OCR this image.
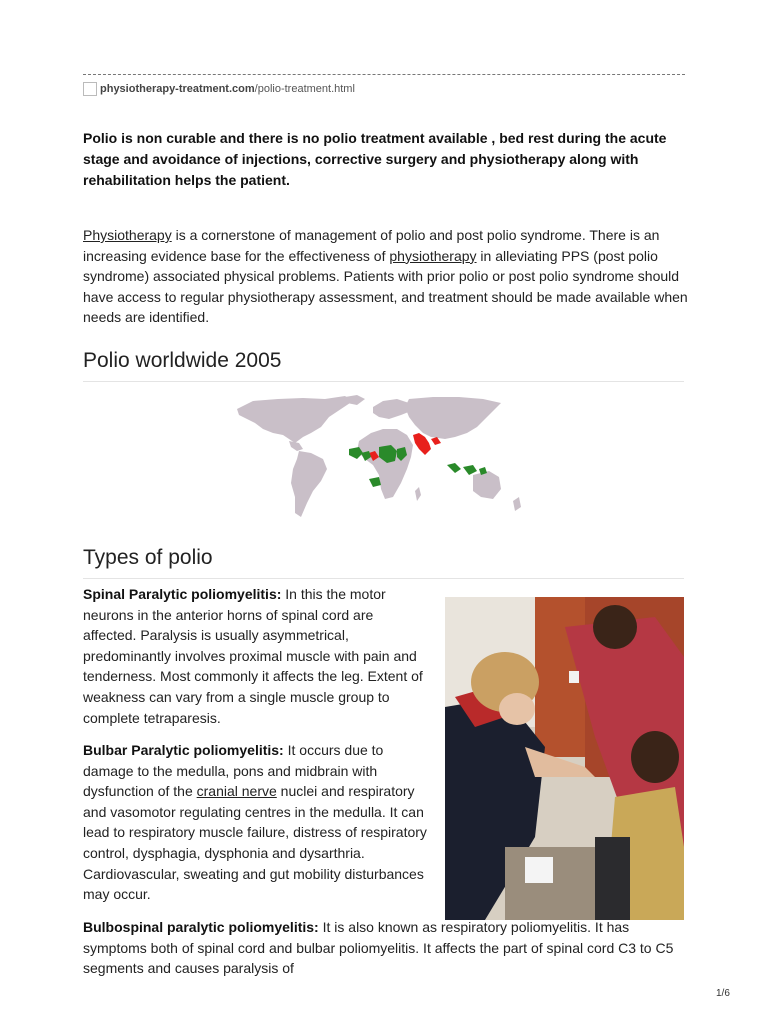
physiotherapy-treatment.com /polio-treatment.html

Polio is non curable and there is no polio treatment available , bed rest during the acute stage and avoidance of injections, corrective surgery and physiotherapy along with rehabilitation helps the patient.

Physiotherapy is a cornerstone of management of polio and post polio syndrome. There is an increasing evidence base for the effectiveness of physiotherapy in alleviating PPS (post polio syndrome) associated physical problems. Patients with prior polio or post polio syndrome should have access to regular physiotherapy assessment, and treatment should be made available when needs are identified.

Polio worldwide 2005
Types of polio

Spinal Paralytic poliomyelitis: In this the motor neurons in the anterior horns of spinal cord are affected. Paralysis is usually asymmetrical, predominantly involves proximal muscle with pain and tenderness. Most commonly it affects the leg. Extent of weakness can vary from a single muscle group to complete tetraparesis.

Bulbar Paralytic poliomyelitis: It occurs due to damage to the medulla, pons and midbrain with dysfunction of the cranial nerve nuclei and respiratory and vasomotor regulating centres in the medulla. It can lead to respiratory muscle failure, distress of respiratory control, dysphagia, dysphonia and dysarthria. Cardiovascular, sweating and gut mobility disturbances may occur.

Bulbospinal paralytic poliomyelitis: It is also known as respiratory poliomyelitis. It has symptoms both of spinal cord and bulbar poliomyelitis. It affects the part of spinal cord C3 to C5 segments and causes paralysis of

1/6
